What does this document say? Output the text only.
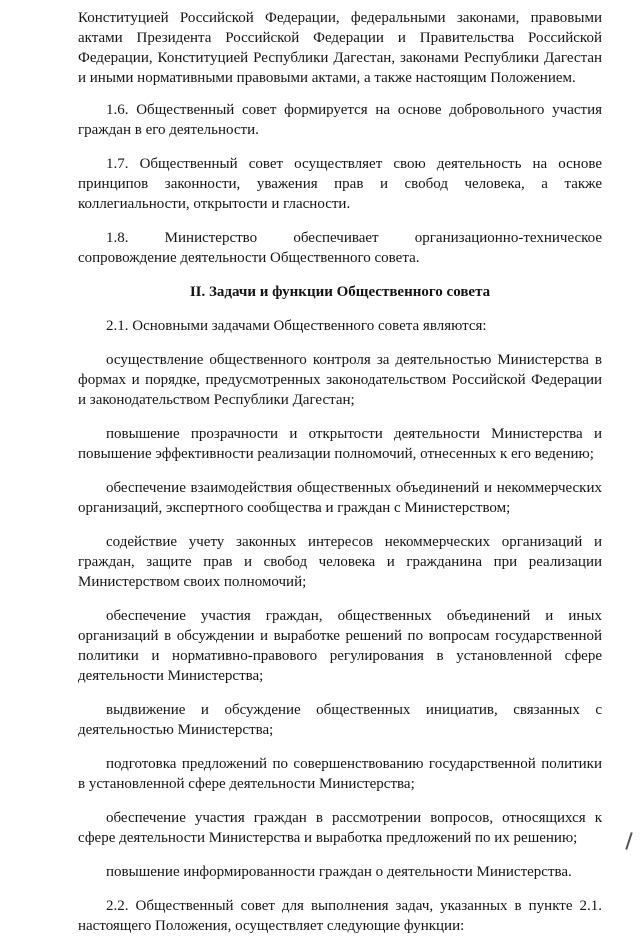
Конституцией Российской Федерации, федеральными законами, правовыми актами Президента Российской Федерации и Правительства Российской Федерации, Конституцией Республики Дагестан, законами Республики Дагестан и иными нормативными правовыми актами, а также настоящим Положением.

1.6. Общественный совет формируется на основе добровольного участия граждан в его деятельности.

1.7. Общественный совет осуществляет свою деятельность на основе принципов законности, уважения прав и свобод человека, а также коллегиальности, открытости и гласности.

1.8. Министерство обеспечивает организационно-техническое сопровождение деятельности Общественного совета.

II. Задачи и функции Общественного совета

2.1. Основными задачами Общественного совета являются:

осуществление общественного контроля за деятельностью Министерства в формах и порядке, предусмотренных законодательством Российской Федерации и законодательством Республики Дагестан;

повышение прозрачности и открытости деятельности Министерства и повышение эффективности реализации полномочий, отнесенных к его ведению;

обеспечение взаимодействия общественных объединений и некоммерческих организаций, экспертного сообщества и граждан с Министерством;

содействие учету законных интересов некоммерческих организаций и граждан, защите прав и свобод человека и гражданина при реализации Министерством своих полномочий;

обеспечение участия граждан, общественных объединений и иных организаций в обсуждении и выработке решений по вопросам государственной политики и нормативно-правового регулирования в установленной сфере деятельности Министерства;

выдвижение и обсуждение общественных инициатив, связанных с деятельностью Министерства;

подготовка предложений по совершенствованию государственной политики в установленной сфере деятельности Министерства;

обеспечение участия граждан в рассмотрении вопросов, относящихся к сфере деятельности Министерства и выработка предложений по их решению;

повышение информированности граждан о деятельности Министерства.

2.2. Общественный совет для выполнения задач, указанных в пункте 2.1. настоящего Положения, осуществляет следующие функции:
